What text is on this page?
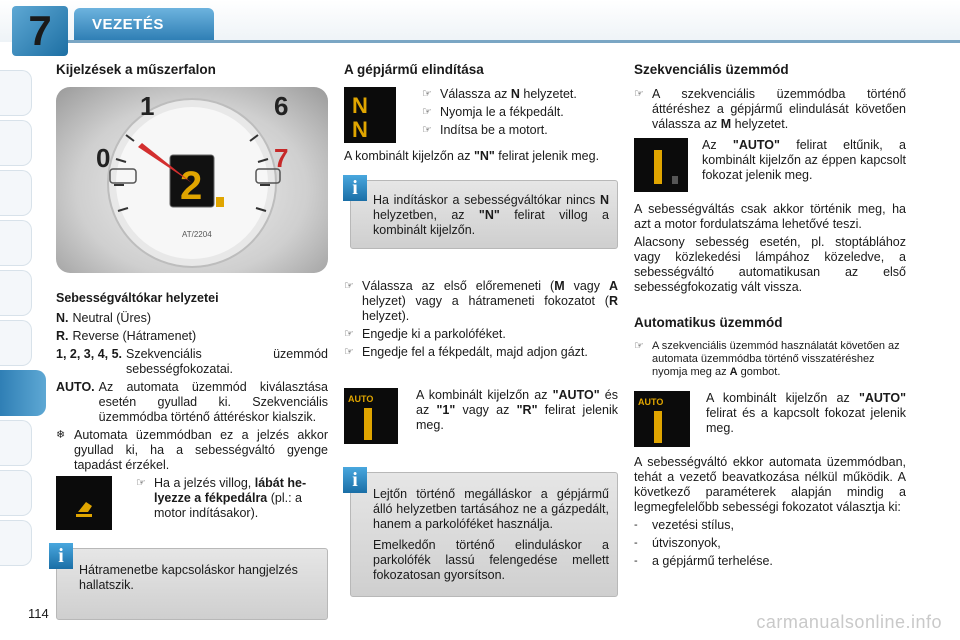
7	VEZETÉS
Kijelzések a műszerfalon
1
0
6
7
2
AT/2204

Sebességváltókar helyzetei

N. Neutral (Üres)
R. Reverse (Hátramenet)
1, 2, 3, 4, 5. Szekvenciális üzemmód sebességfokozatai.
AUTO. Az automata üzemmód kiválasztása esetén gyullad ki. Szekvenciális üzemmódba történő áttéréskor kialszik.
❄ Automata üzemmódban ez a jelzés akkor gyullad ki, ha a sebességváltó gyenge tapadást érzékel.
☞ Ha a jelzés villog, lábát helyezze a fékpedálra (pl.: a motor indításakor).
i
Hátramenetbe kapcsoláskor hangjelzés hallatszik.
A gépjármű elindítása
N
N
☞ Válassza az N helyzetet.
☞ Nyomja le a fékpedált.
☞ Indítsa be a motort.

A kombinált kijelzőn az "N" felirat jelenik meg.

i
Ha indításkor a sebességváltókar nincs N helyzetben, az "N" felirat villog a kombinált kijelzőn.
☞ Válassza az első előremeneti (M vagy A helyzet) vagy a hátrameneti fokozatot (R helyzet).
☞ Engedje ki a parkolóféket.
☞ Engedje fel a fékpedált, majd adjon gázt.
AUTO	A kombinált kijelzőn az "AUTO" és az "1" vagy az "R" felirat jelenik meg.

i

Lejtőn történő megálláskor a gépjármű álló helyzetben tartásához ne a gázpedált, hanem a parkolóféket használja.

Emelkedőn történő elinduláskor a parkolófék lassú felengedése mellett fokozatosan gyorsítson.

Szekvenciális üzemmód
☞ A szekvenciális üzemmódba történő áttéréshez a gépjármű elindulását követően válassza az M helyzetet.

Az "AUTO" felirat eltűnik, a kombinált kijelzőn az éppen kapcsolt fokozat jelenik meg.

A sebességváltás csak akkor történik meg, ha azt a motor fordulatszáma lehetővé teszi.

Alacsony sebesség esetén, pl. stoptáblához vagy közlekedési lámpához közeledve, a sebességváltó automatikusan az első sebességfokozatig vált vissza.

Automatikus üzemmód
☞ A szekvenciális üzemmód használatát követően az automata üzemmódba történő visszatéréshez nyomja meg az A gombot.
AUTO	A kombinált kijelzőn az "AUTO" felirat és a kapcsolt fokozat jelenik meg.

A sebességváltó ekkor automata üzemmódban, tehát a vezető beavatkozása nélkül működik. A következő paraméterek alapján mindig a legmegfelelőbb sebességi fokozatot választja ki:

-	vezetési stílus,
-	útviszonyok,
-	a gépjármű terhelése.
114	carmanualsonline.info
